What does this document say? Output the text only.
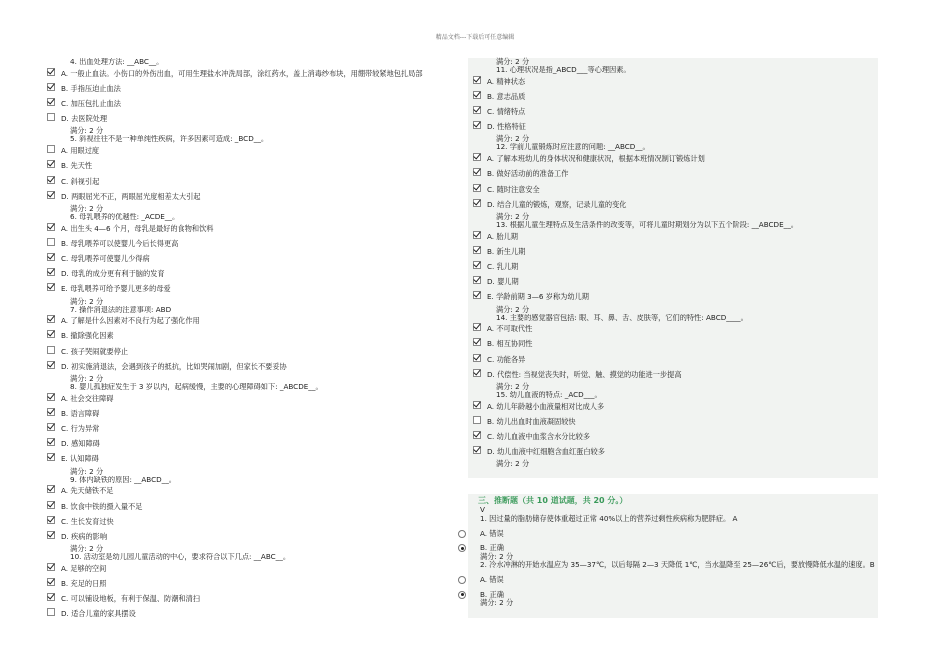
精品文档---下载后可任意编辑
4. 出血处理方法: __ABC__。
A. 一般止血法。小伤口的外伤出血，可用生理盐水冲洗局部，涂红药水，盖上消毒纱布块，用绷带较紧地包扎局部
B. 手指压迫止血法
C. 加压包扎止血法
D. 去医院处理
满分: 2 分
5. 斜视往往不是一种单纯性疾病，许多因素可造成: _BCD__。
A. 用眼过度
B. 先天性
C. 斜视引起
D. 两眼屈光不正，两眼屈光度相差太大引起
满分: 2 分
6. 母乳喂养的优越性: _ACDE__。
A. 出生头 4—6 个月，母乳是最好的食物和饮料
B. 母乳喂养可以使婴儿今后长得更高
C. 母乳喂养可使婴儿少得病
D. 母乳的成分更有利于脑的发育
E. 母乳喂养可给予婴儿更多的母爱
满分: 2 分
7. 操作消退法的注意事项: ABD
A. 了解是什么因素对不良行为起了强化作用
B. 撤除强化因素
C. 孩子哭闹就要停止
D. 初实施消退法，会遇到孩子的抵抗，比如哭闹加剧，但家长不要妥协
满分: 2 分
8. 婴儿孤独症发生于 3 岁以内，起病缓慢，主要的心理障碍如下: _ABCDE__。
A. 社会交往障碍
B. 语言障碍
C. 行为异常
D. 感知障碍
E. 认知障碍
满分: 2 分
9. 体内缺铁的原因: __ABCD__。
A. 先天储铁不足
B. 饮食中铁的摄入量不足
C. 生长发育过快
D. 疾病的影响
满分: 2 分
10. 活动室是幼儿园儿童活动的中心，要求符合以下几点: __ABC__。
A. 足够的空间
B. 充足的日照
C. 可以铺设地板，有利于保温、防潮和清扫
D. 适合儿童的家具摆设
满分: 2 分
11. 心理状况是指_ABCD___等心理因素。
A. 精神状态
B. 意志品质
C. 情绪特点
D. 性格特征
满分: 2 分
12. 学前儿童锻炼时应注意的问题: __ABCD__。
A. 了解本班幼儿的身体状况和健康状况，根据本班情况制订锻炼计划
B. 做好活动前的准备工作
C. 随时注意安全
D. 结合儿童的锻炼，观察，记录儿童的变化
满分: 2 分
13. 根据儿童生理特点及生活条件的改变等，可将儿童时期划分为以下五个阶段: __ABCDE__。
A. 胎儿期
B. 新生儿期
C. 乳儿期
D. 婴儿期
E. 学龄前期 3—6 岁称为幼儿期
满分: 2 分
14. 主要的感觉器官包括: 眼、耳、鼻、舌、皮肤等，它们的特性: ABCD____。
A. 不可取代性
B. 相互协同性
C. 功能各异
D. 代偿性: 当视觉丧失时，听觉、触、摸觉的功能进一步提高
满分: 2 分
15. 幼儿血液的特点: _ACD___。
A. 幼儿年龄越小血液量相对比成人多
B. 幼儿出血时血液凝固较快
C. 幼儿血液中血浆含水分比较多
D. 幼儿血液中红细胞含血红蛋白较多
满分: 2 分
三、推断题（共 10 道试题，共 20 分。）
V
1. 因过量的脂肪储存使体重超过正常 40%以上的营养过剩性疾病称为肥胖症。 A
A. 错误
B. 正确
满分: 2 分
2. 冷水冲淋的开始水温应为 35—37℃，以后每隔 2—3 天降低 1℃，当水温降至 25—26℃后，要放慢降低水温的速度。B
A. 错误
B. 正确
满分: 2 分
